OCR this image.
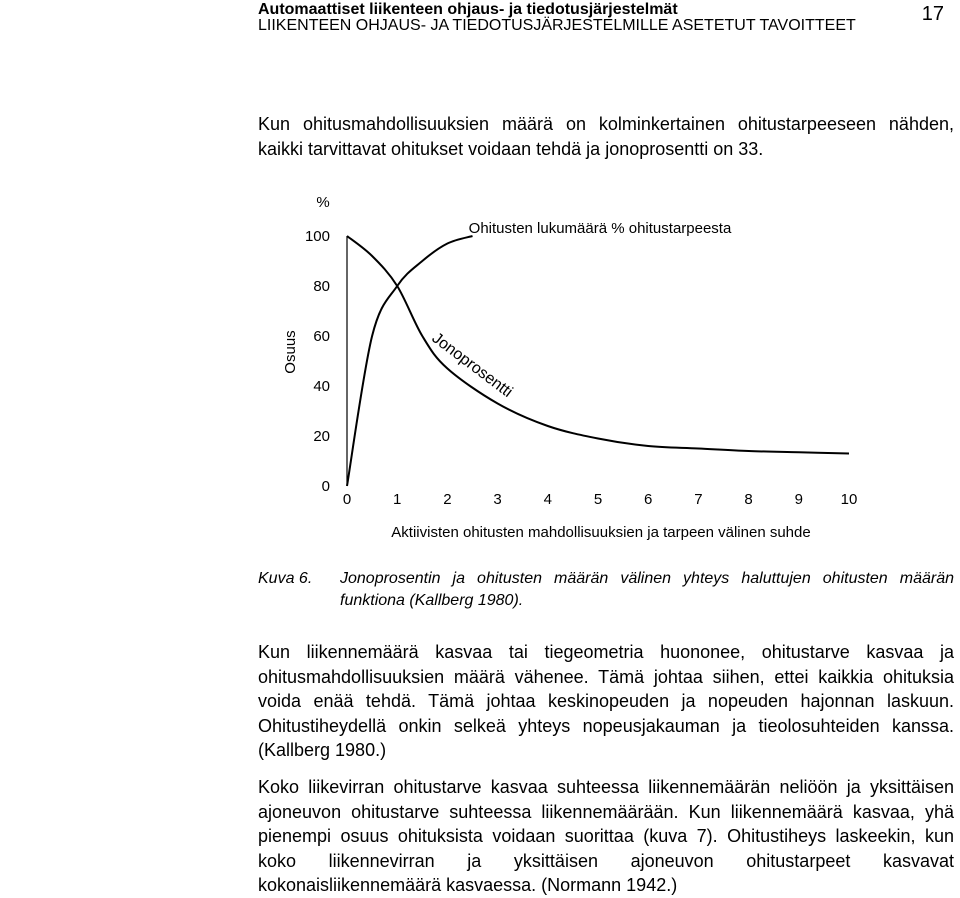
Automaattiset liikenteen ohjaus- ja tiedotusjärjestelmät
LIIKENTEEN OHJAUS- JA TIEDOTUSJÄRJESTELMILLE ASETETUT TAVOITTEET
17

Kun ohitusmahdollisuuksien määrä on kolminkertainen ohitustarpeeseen nähden, kaikki tarvittavat ohitukset voidaan tehdä ja jonoprosentti on 33.

0
20
40
60
80
100
0	1	2	3	4	5	6	7	8	9	10
%
Osuus
Aktiivisten ohitusten mahdollisuuksien ja tarpeen välinen suhde
Ohitusten lukumäärä % ohitustarpeesta
Jonoprosentti
Kuva 6. Jonoprosentin ja ohitusten määrän välinen yhteys haluttujen ohitusten määrän funktiona (Kallberg 1980).

Kun liikennemäärä kasvaa tai tiegeometria huononee, ohitustarve kasvaa ja ohitusmahdollisuuksien määrä vähenee. Tämä johtaa siihen, ettei kaikkia ohituksia voida enää tehdä. Tämä johtaa keskinopeuden ja nopeuden hajonnan laskuun. Ohitustiheydellä onkin selkeä yhteys nopeusjakauman ja tieolosuhteiden kanssa. (Kallberg 1980.)

Koko liikevirran ohitustarve kasvaa suhteessa liikennemäärän neliöön ja yksittäisen ajoneuvon ohitustarve suhteessa liikennemäärään. Kun liikennemäärä kasvaa, yhä pienempi osuus ohituksista voidaan suorittaa (kuva 7). Ohitustiheys laskeekin, kun koko liikennevirran ja yksittäisen ajoneuvon ohitustarpeet kasvavat kokonaisliikennemäärä kasvaessa. (Normann 1942.)
